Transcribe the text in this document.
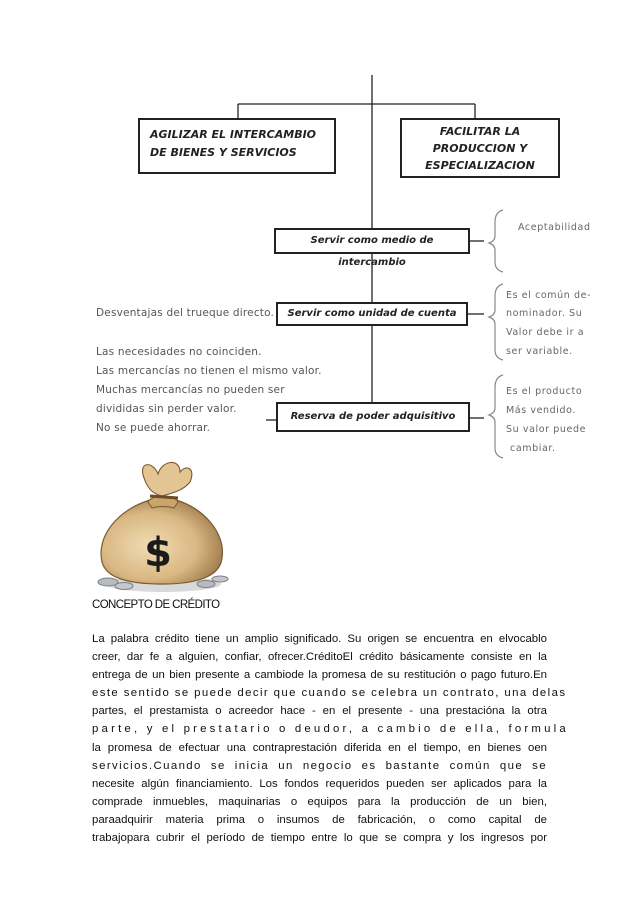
AGILIZAR EL INTERCAMBIO
DE BIENES Y SERVICIOS
FACILITAR LA
PRODUCCION Y
ESPECIALIZACION
Servir como medio de intercambio
Servir como unidad de cuenta
Reserva de poder adquisitivo
Desventajas del trueque directo.
Las necesidades no coinciden.
Las mercancías no tienen el mismo valor.
Muchas mercancías no pueden ser
divididas sin perder valor.
No se puede ahorrar.
Aceptabilidad
Es el común de-
nominador. Su
Valor debe ir a
ser variable.
Es el producto
Más vendido.
Su valor puede
cambiar.
$
CONCEPTO DE CRÉDITO
La palabra crédito tiene un amplio significado. Su origen se encuentra en elvocablo
creer, dar fe a alguien, confiar, ofrecer.CréditoEl crédito básicamente consiste en la
entrega de un bien presente a cambiode la promesa de su restitución o pago futuro.En
este sentido se puede decir que cuando se celebra un contrato, una delas
partes, el prestamista o acreedor hace - en el presente - una prestacióna la otra
parte, y el prestatario o deudor, a cambio de ella, formula
la promesa de efectuar una contraprestación diferida en el tiempo, en bienes oen
servicios.Cuando se inicia un negocio es bastante común que se
necesite algún financiamiento. Los fondos requeridos pueden ser aplicados para la
comprade inmuebles, maquinarias o equipos para la producción de un bien,
paraadquirir materia prima o insumos de fabricación, o como capital de
trabajopara cubrir el período de tiempo entre lo que se compra y los ingresos por
